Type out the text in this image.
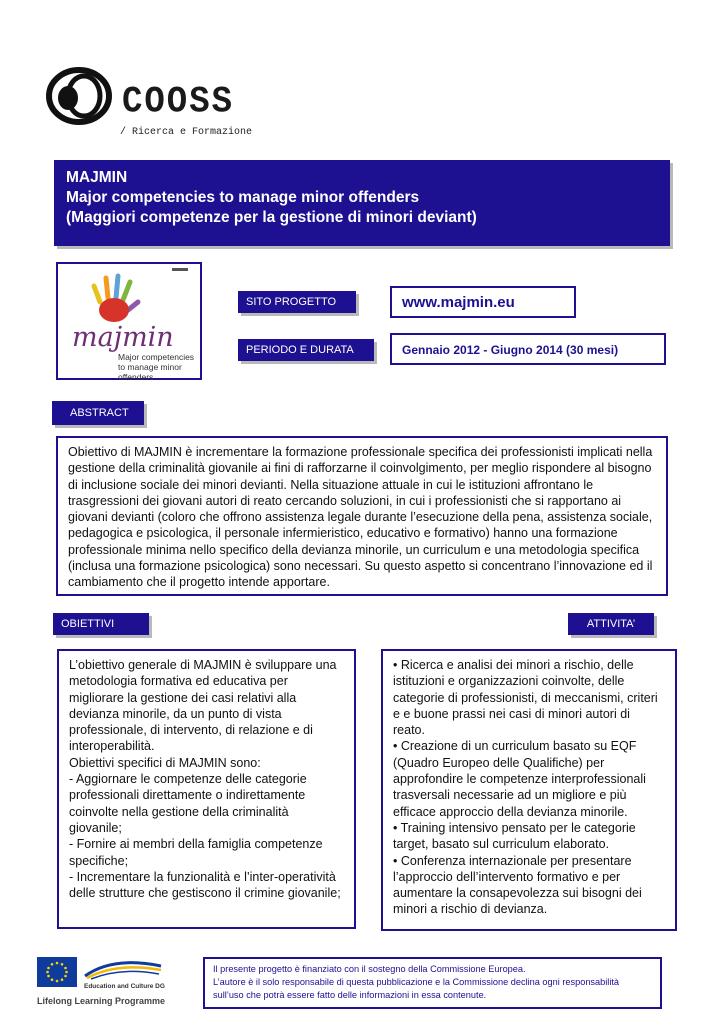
COOSS
/ Ricerca e Formazione
MAJMIN
Major competencies to manage minor offenders
(Maggiori competenze per la gestione di minori deviant)
majmin
Major competencies
to manage minor offenders
SITO PROGETTO	www.majmin.eu
PERIODO E DURATA	Gennaio 2012 - Giugno 2014 (30 mesi)
ABSTRACT

Obiettivo di MAJMIN è incrementare la formazione professionale specifica dei professionisti implicati nella gestione della criminalità giovanile ai fini di rafforzarne il coinvolgimento, per meglio rispondere al bisogno di inclusione sociale dei minori devianti. Nella situazione attuale in cui le istituzioni affrontano le trasgressioni dei giovani autori di reato cercando soluzioni, in cui i professionisti che si rapportano ai giovani devianti (coloro che offrono assistenza legale durante l’esecuzione della pena, assistenza sociale, pedagogica e psicologica, il personale infermieristico, educativo e formativo) hanno una formazione professionale minima nello specifico della devianza minorile, un curriculum e una metodologia specifica (inclusa una formazione psicologica) sono necessari. Su questo aspetto si concentrano l’innovazione ed il cambiamento che il progetto intende apportare.

OBIETTIVI

L’obiettivo generale di MAJMIN è sviluppare una metodologia formativa ed educativa per migliorare la gestione dei casi relativi alla devianza minorile, da un punto di vista professionale, di intervento, di relazione e di interoperabilità.

Obiettivi specifici di MAJMIN sono:

- Aggiornare le competenze delle categorie professionali direttamente o indirettamente coinvolte nella gestione della criminalità giovanile;

- Fornire ai membri della famiglia competenze specifiche;

- Incrementare la funzionalità e l’inter-operatività delle strutture che gestiscono il crimine giovanile;

ATTIVITA’

• Ricerca e analisi dei minori a rischio, delle istituzioni e organizzazioni coinvolte, delle categorie di professionisti, di meccanismi, criteri e e buone prassi nei casi di minori autori di reato.

• Creazione di un curriculum basato su EQF (Quadro Europeo delle Qualifiche) per approfondire le competenze interprofessionali trasversali necessarie ad un migliore e più efficace approccio della devianza minorile.

• Training intensivo pensato per le categorie target, basato sul curriculum elaborato.

• Conferenza internazionale per presentare l’approccio dell’intervento formativo e per aumentare la consapevolezza sui bisogni dei minori a rischio di devianza.

Education and Culture DG
Lifelong Learning Programme

Il presente progetto è finanziato con il sostegno della Commissione Europea.

L’autore è il solo responsabile di questa pubblicazione e la Commissione declina ogni responsabilità sull’uso che potrà essere fatto delle informazioni in essa contenute.
